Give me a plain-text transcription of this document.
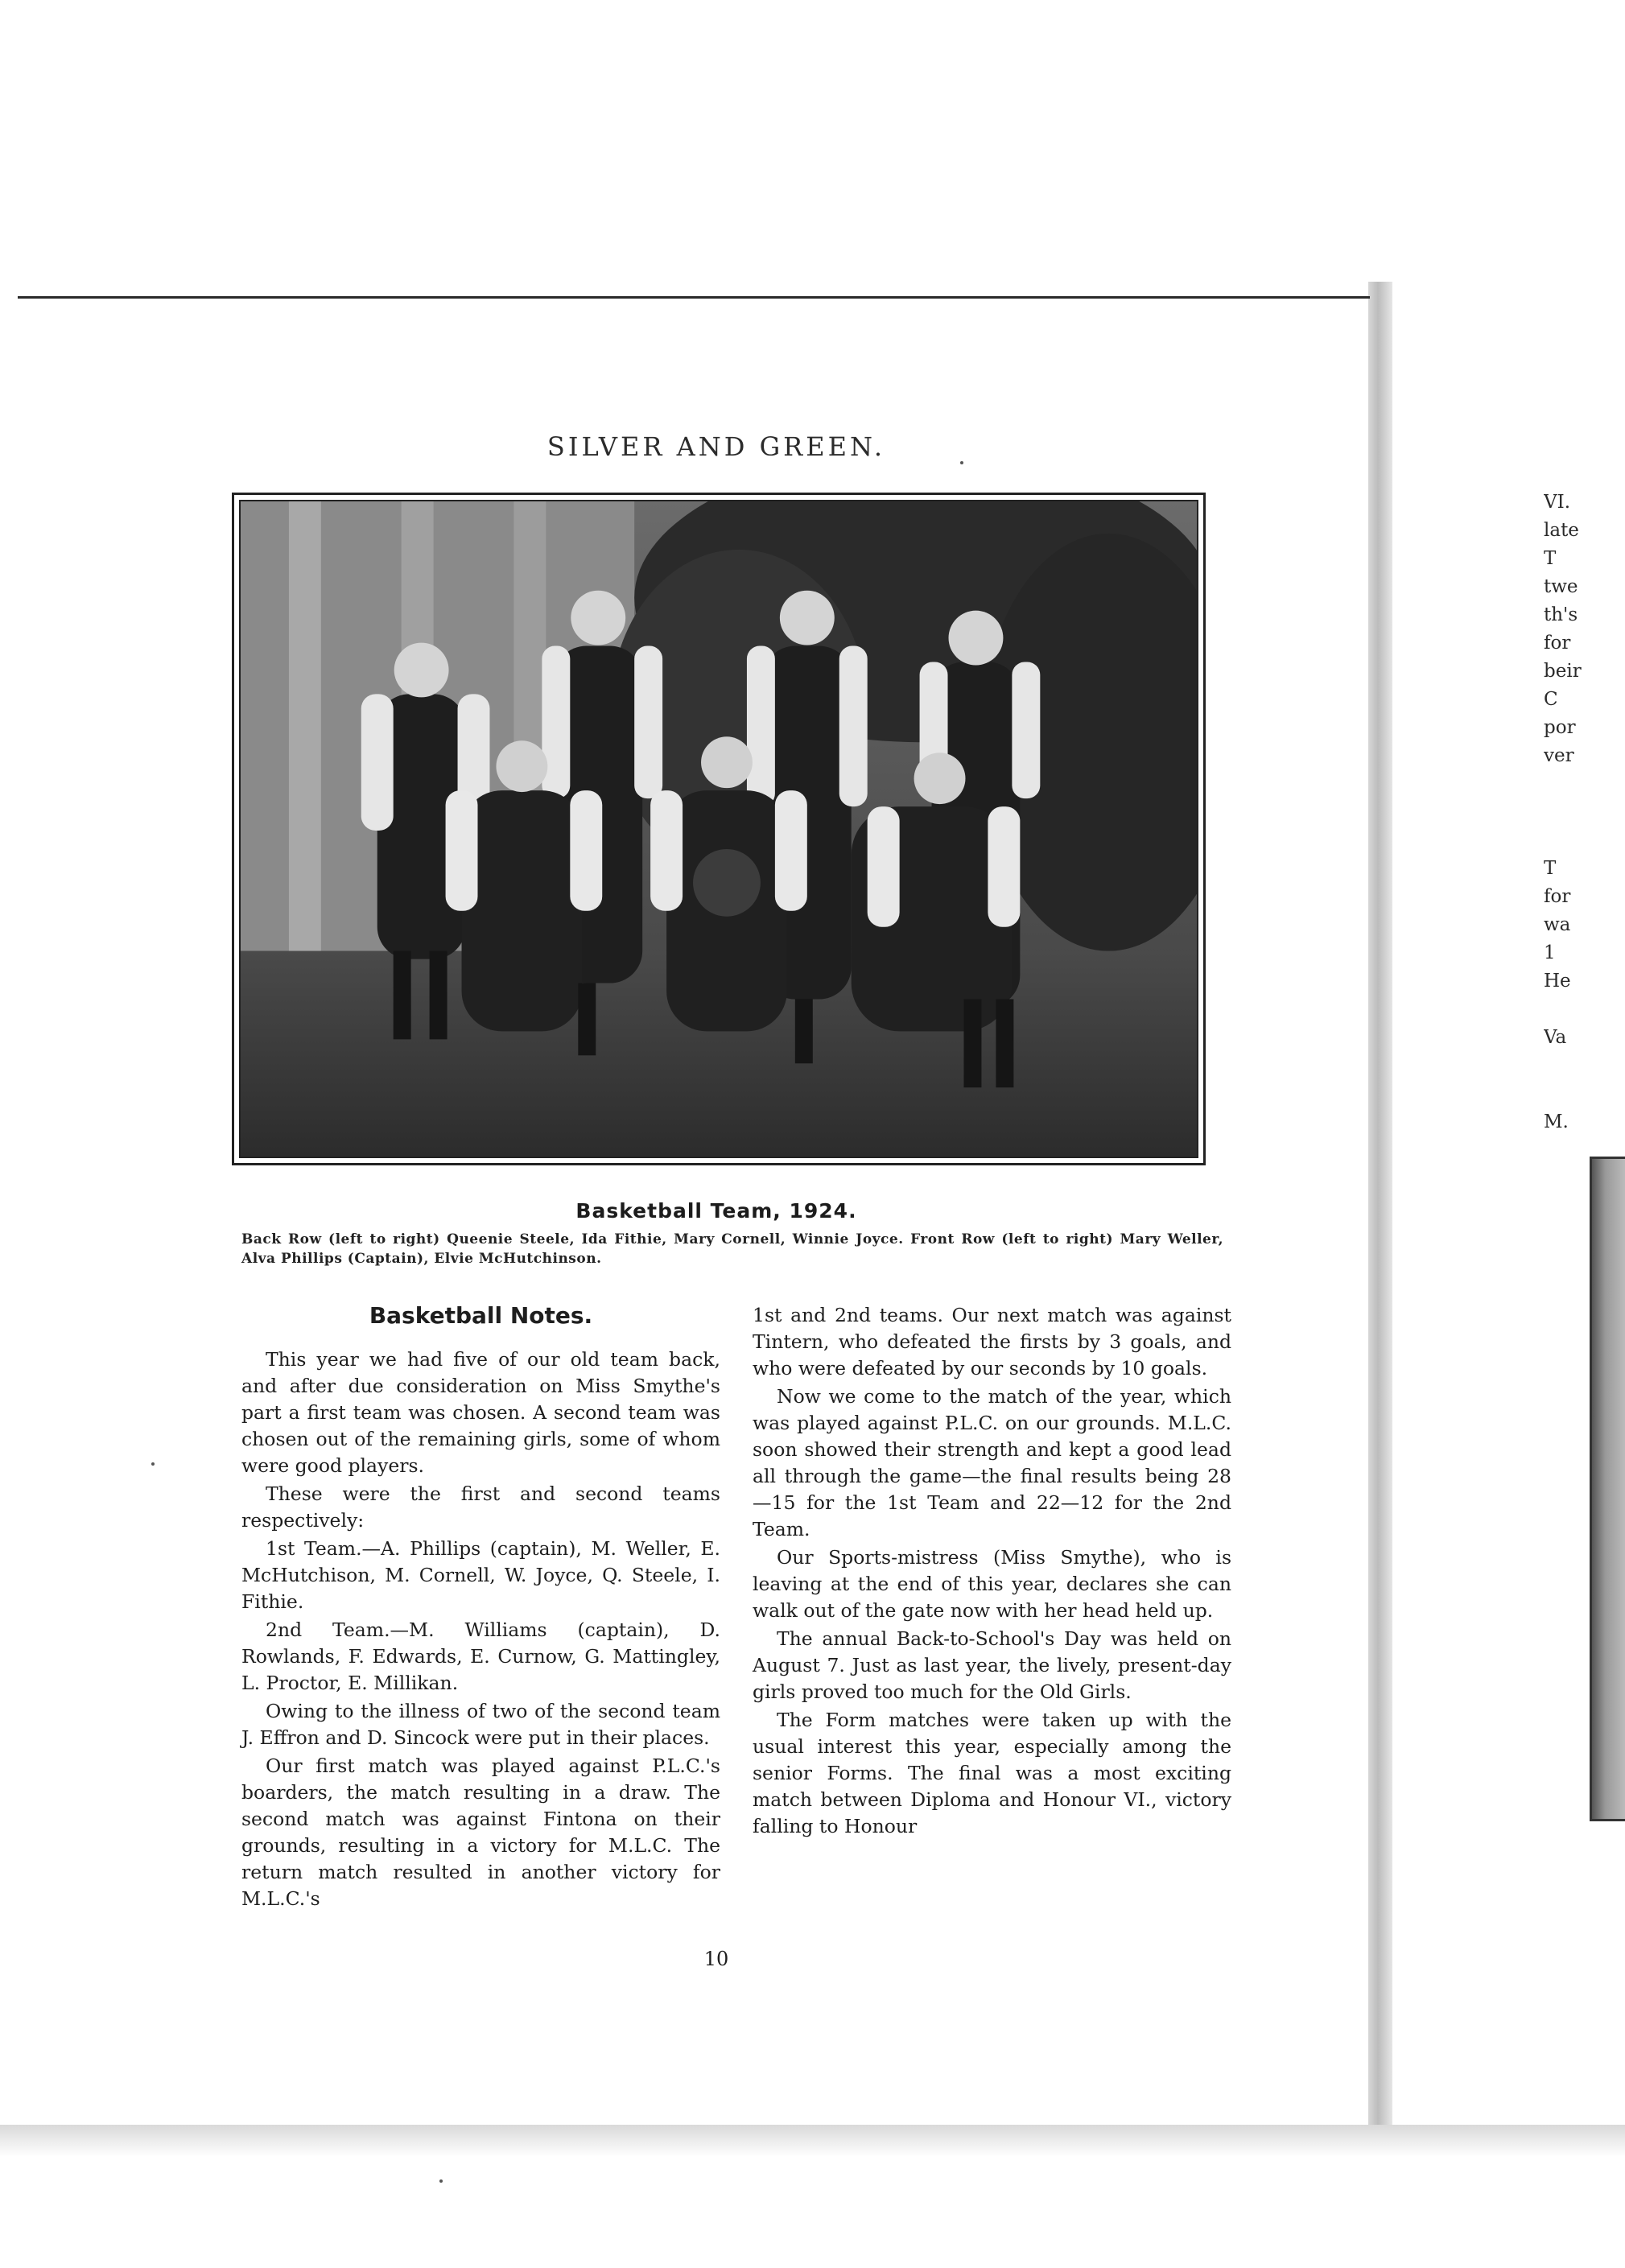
SILVER AND GREEN.
Basketball Team, 1924.
Back Row (left to right) Queenie Steele, Ida Fithie, Mary Cornell, Winnie Joyce. Front Row (left to right) Mary Weller, Alva Phillips (Captain), Elvie McHutchinson.
Basketball Notes.

This year we had five of our old team back, and after due consideration on Miss Smythe's part a first team was chosen. A second team was chosen out of the remaining girls, some of whom were good players.

These were the first and second teams respectively:

1st Team.—A. Phillips (captain), M. Weller, E. McHutchison, M. Cornell, W. Joyce, Q. Steele, I. Fithie.

2nd Team.—M. Williams (captain), D. Rowlands, F. Edwards, E. Curnow, G. Mattingley, L. Proctor, E. Millikan.

Owing to the illness of two of the second team J. Effron and D. Sincock were put in their places.

Our first match was played against P.L.C.'s boarders, the match resulting in a draw. The second match was against Fintona on their grounds, resulting in a victory for M.L.C. The return match resulted in another victory for M.L.C.'s

1st and 2nd teams. Our next match was against Tintern, who defeated the firsts by 3 goals, and who were defeated by our seconds by 10 goals.

Now we come to the match of the year, which was played against P.L.C. on our grounds. M.L.C. soon showed their strength and kept a good lead all through the game—the final results being 28—15 for the 1st Team and 22—12 for the 2nd Team.

Our Sports-mistress (Miss Smythe), who is leaving at the end of this year, declares she can walk out of the gate now with her head held up.

The annual Back-to-School's Day was held on August 7. Just as last year, the lively, present-day girls proved too much for the Old Girls.

The Form matches were taken up with the usual interest this year, especially among the senior Forms. The final was a most exciting match between Diploma and Honour VI., victory falling to Honour

10
VI.
late
T
twe
th's
for
beir
C
por
ver
T
for
wa
1
He
Va
M.
